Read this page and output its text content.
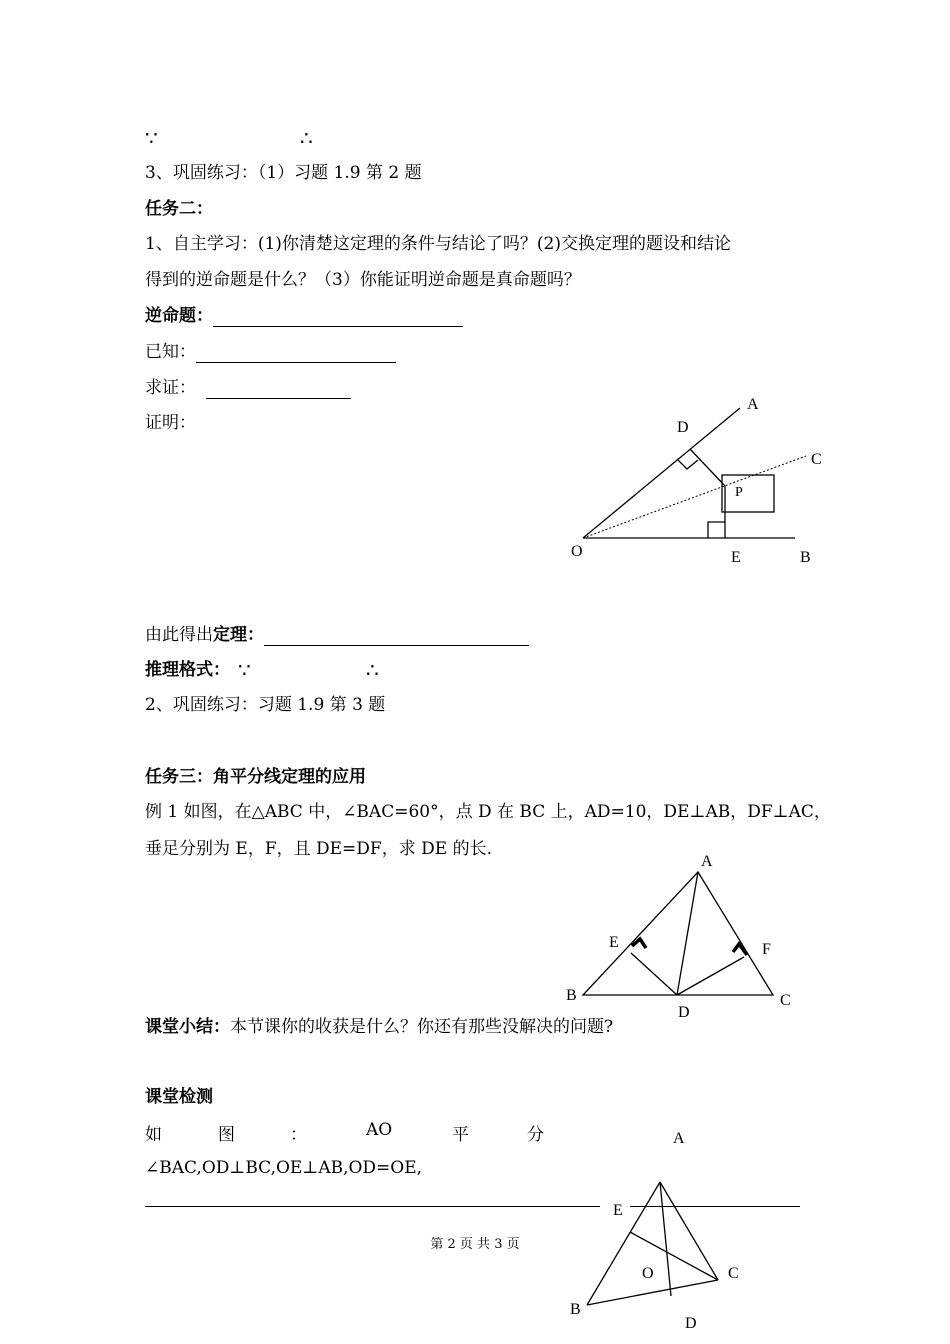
∵	∴
3、巩固练习：（1）习题 1.9 第 2 题
任务二：
1、自主学习：(1)你清楚这定理的条件与结论了吗？(2)交换定理的题设和结论
得到的逆命题是什么？（3）你能证明逆命题是真命题吗？
逆命题：
已知：
求证：
证明：
由此得出定理：
推理格式： ∵	∴
2、巩固练习：习题 1.9 第 3 题
任务三：角平分线定理的应用
例 1 如图，在△ABC 中，∠BAC=60°，点 D 在 BC 上，AD=10，DE⊥AB，DF⊥AC，
垂足分别为 E，F，且 DE=DF，求 DE 的长.
课堂小结：本节课你的收获是什么？你还有那些没解决的问题?
课堂检测
如	图	：	AO	平	分
∠BAC,OD⊥BC,OE⊥AB,OD=OE,
第 2 页 共 3 页
A
D
C
P
O	E	B
A
E	F
B
D
C
A
E
O	C
B
D
